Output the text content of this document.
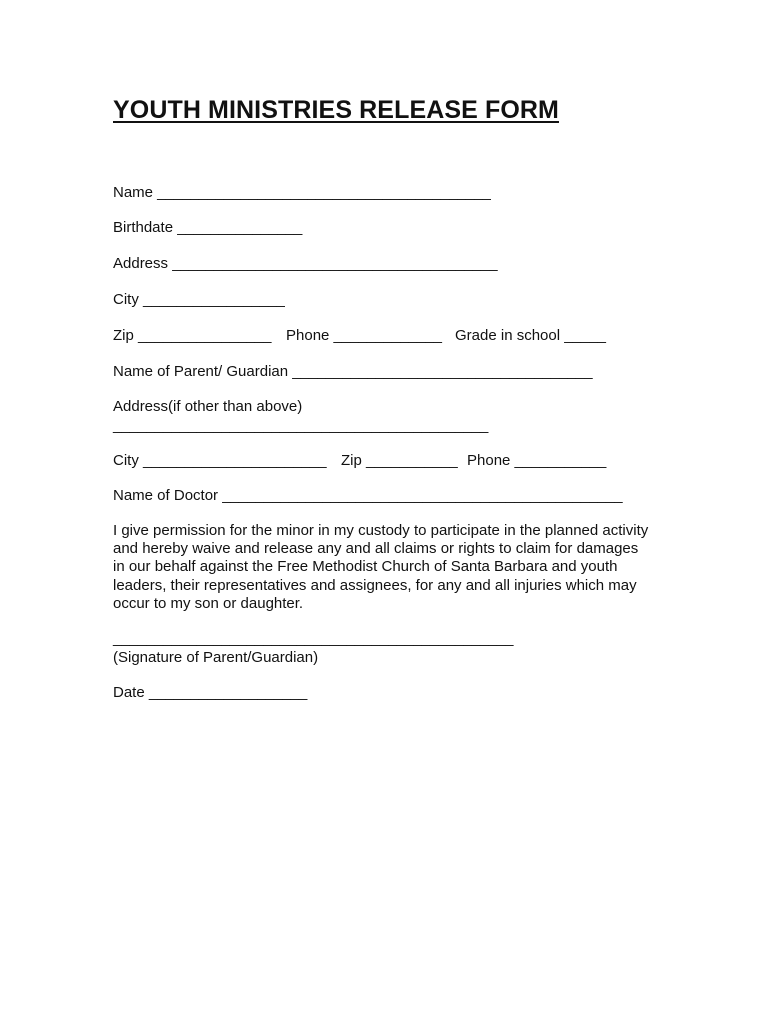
YOUTH MINISTRIES RELEASE FORM
Name ________________________________________
Birthdate _______________
Address _______________________________________
City _________________
Zip ________________ Phone _____________ Grade in school _____
Name of Parent/ Guardian ____________________________________
Address(if other than above)
_____________________________________________
City ______________________ Zip ___________ Phone ___________
Name of Doctor ________________________________________________
I give permission for the minor in my custody to participate in the planned activity
and hereby waive and release any and all claims or rights to claim for damages
in our behalf against the Free Methodist Church of Santa Barbara and youth
leaders, their representatives and assignees, for any and all injuries which may
occur to my son or daughter.
________________________________________________
(Signature of Parent/Guardian)
Date ___________________
